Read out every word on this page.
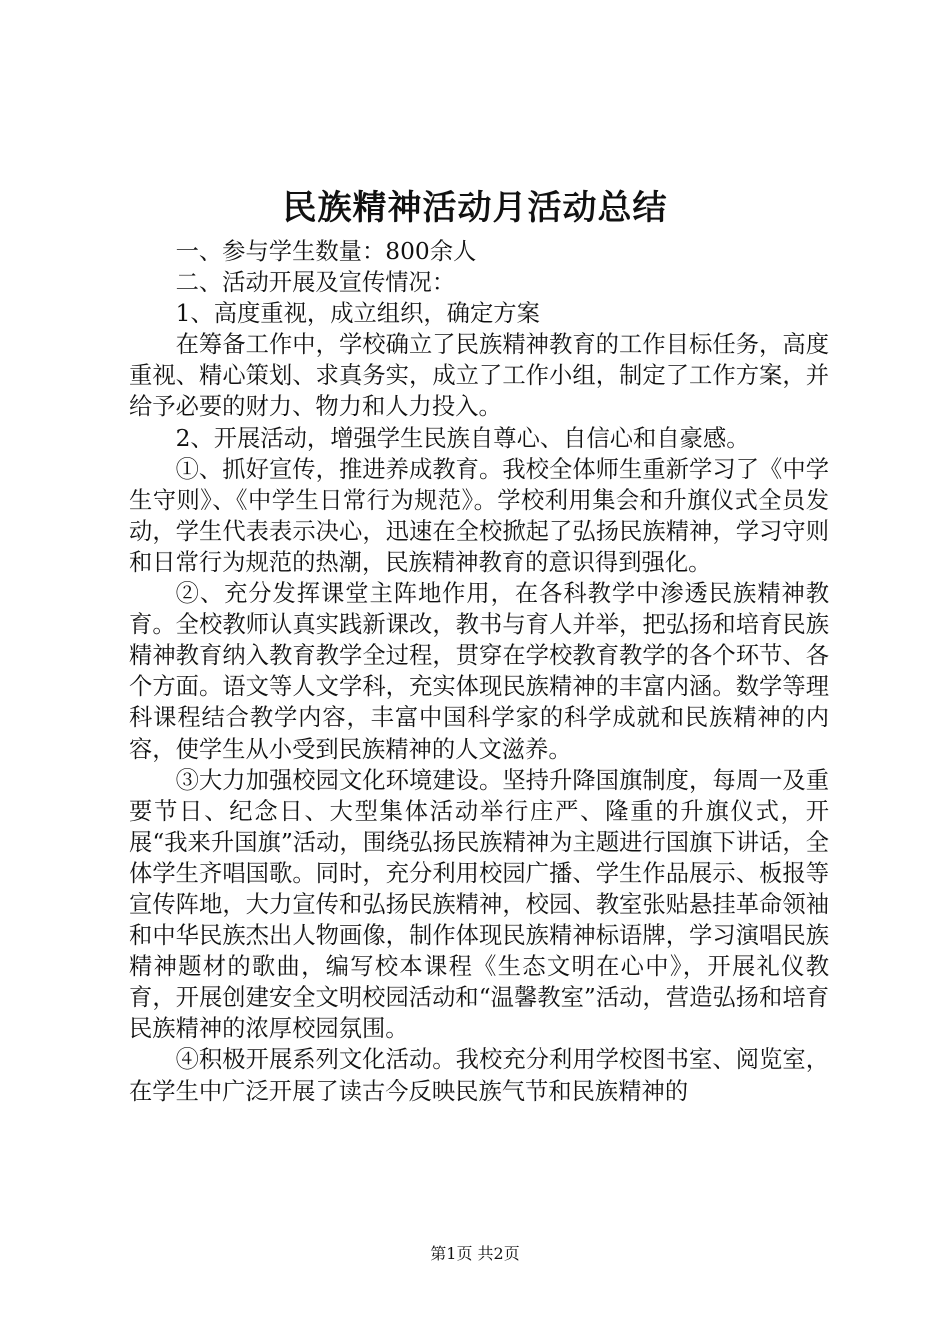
民族精神活动月活动总结

一、参与学生数量：800余人

二、活动开展及宣传情况：

1、高度重视，成立组织，确定方案

在筹备工作中，学校确立了民族精神教育的工作目标任务，高度重视、精心策划、求真务实，成立了工作小组，制定了工作方案，并给予必要的财力、物力和人力投入。

2、开展活动，增强学生民族自尊心、自信心和自豪感。

①、抓好宣传，推进养成教育。我校全体师生重新学习了《中学生守则》、《中学生日常行为规范》。学校利用集会和升旗仪式全员发动，学生代表表示决心，迅速在全校掀起了弘扬民族精神，学习守则和日常行为规范的热潮，民族精神教育的意识得到强化。

②、充分发挥课堂主阵地作用，在各科教学中渗透民族精神教育。全校教师认真实践新课改，教书与育人并举，把弘扬和培育民族精神教育纳入教育教学全过程，贯穿在学校教育教学的各个环节、各个方面。语文等人文学科，充实体现民族精神的丰富内涵。数学等理科课程结合教学内容，丰富中国科学家的科学成就和民族精神的内容，使学生从小受到民族精神的人文滋养。

③大力加强校园文化环境建设。坚持升降国旗制度，每周一及重要节日、纪念日、大型集体活动举行庄严、隆重的升旗仪式，开展“我来升国旗”活动，围绕弘扬民族精神为主题进行国旗下讲话，全体学生齐唱国歌。同时，充分利用校园广播、学生作品展示、板报等宣传阵地，大力宣传和弘扬民族精神，校园、教室张贴悬挂革命领袖和中华民族杰出人物画像，制作体现民族精神标语牌，学习演唱民族精神题材的歌曲，编写校本课程《生态文明在心中》，开展礼仪教育，开展创建安全文明校园活动和“温馨教室”活动，营造弘扬和培育民族精神的浓厚校园氛围。

④积极开展系列文化活动。我校充分利用学校图书室、阅览室，在学生中广泛开展了读古今反映民族气节和民族精神的

第1页 共2页
